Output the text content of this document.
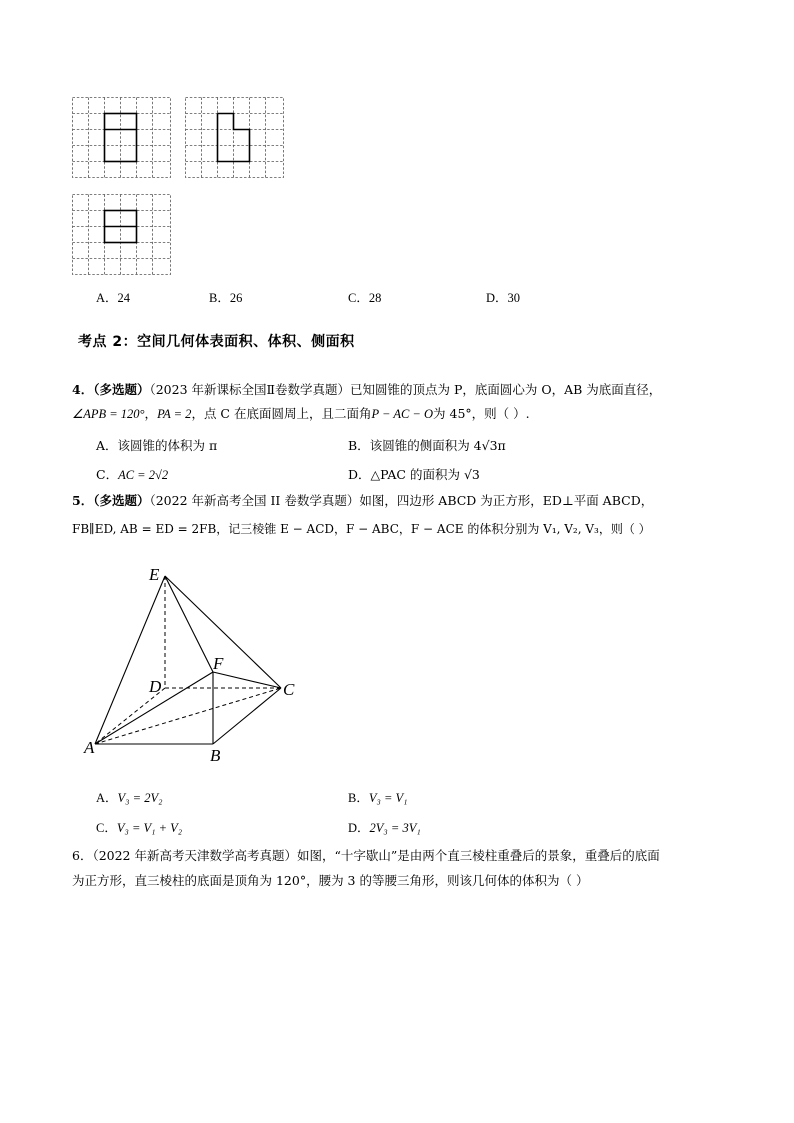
A．24	B．26	C．28	D．30
考点 2：空间几何体表面积、体积、侧面积
4．（多选题）（2023 年新课标全国Ⅱ卷数学真题）已知圆锥的顶点为 P，底面圆心为 O，AB 为底面直径，
∠APB = 120°，PA = 2，点 C 在底面圆周上，且二面角P − AC − O为 45°，则（ ）.
A．该圆锥的体积为 π	B．该圆锥的侧面积为 4√3π
C．AC = 2√2	D．△PAC 的面积为 √3
5．（多选题）（2022 年新高考全国 II 卷数学真题）如图，四边形 ABCD 为正方形，ED⊥平面 ABCD，
FB∥ED, AB = ED = 2FB，记三棱锥 E − ACD，F − ABC，F − ACE 的体积分别为 V₁, V₂, V₃，则（ ）
E
F
D	C
A	B
A．V₃ = 2V₂	B．V₃ = V₁
C．V₃ = V₁ + V₂	D．2V₃ = 3V₁
6．（2022 年新高考天津数学高考真题）如图，“十字歇山”是由两个直三棱柱重叠后的景象，重叠后的底面
为正方形，直三棱柱的底面是顶角为 120°，腰为 3 的等腰三角形，则该几何体的体积为（ ）
